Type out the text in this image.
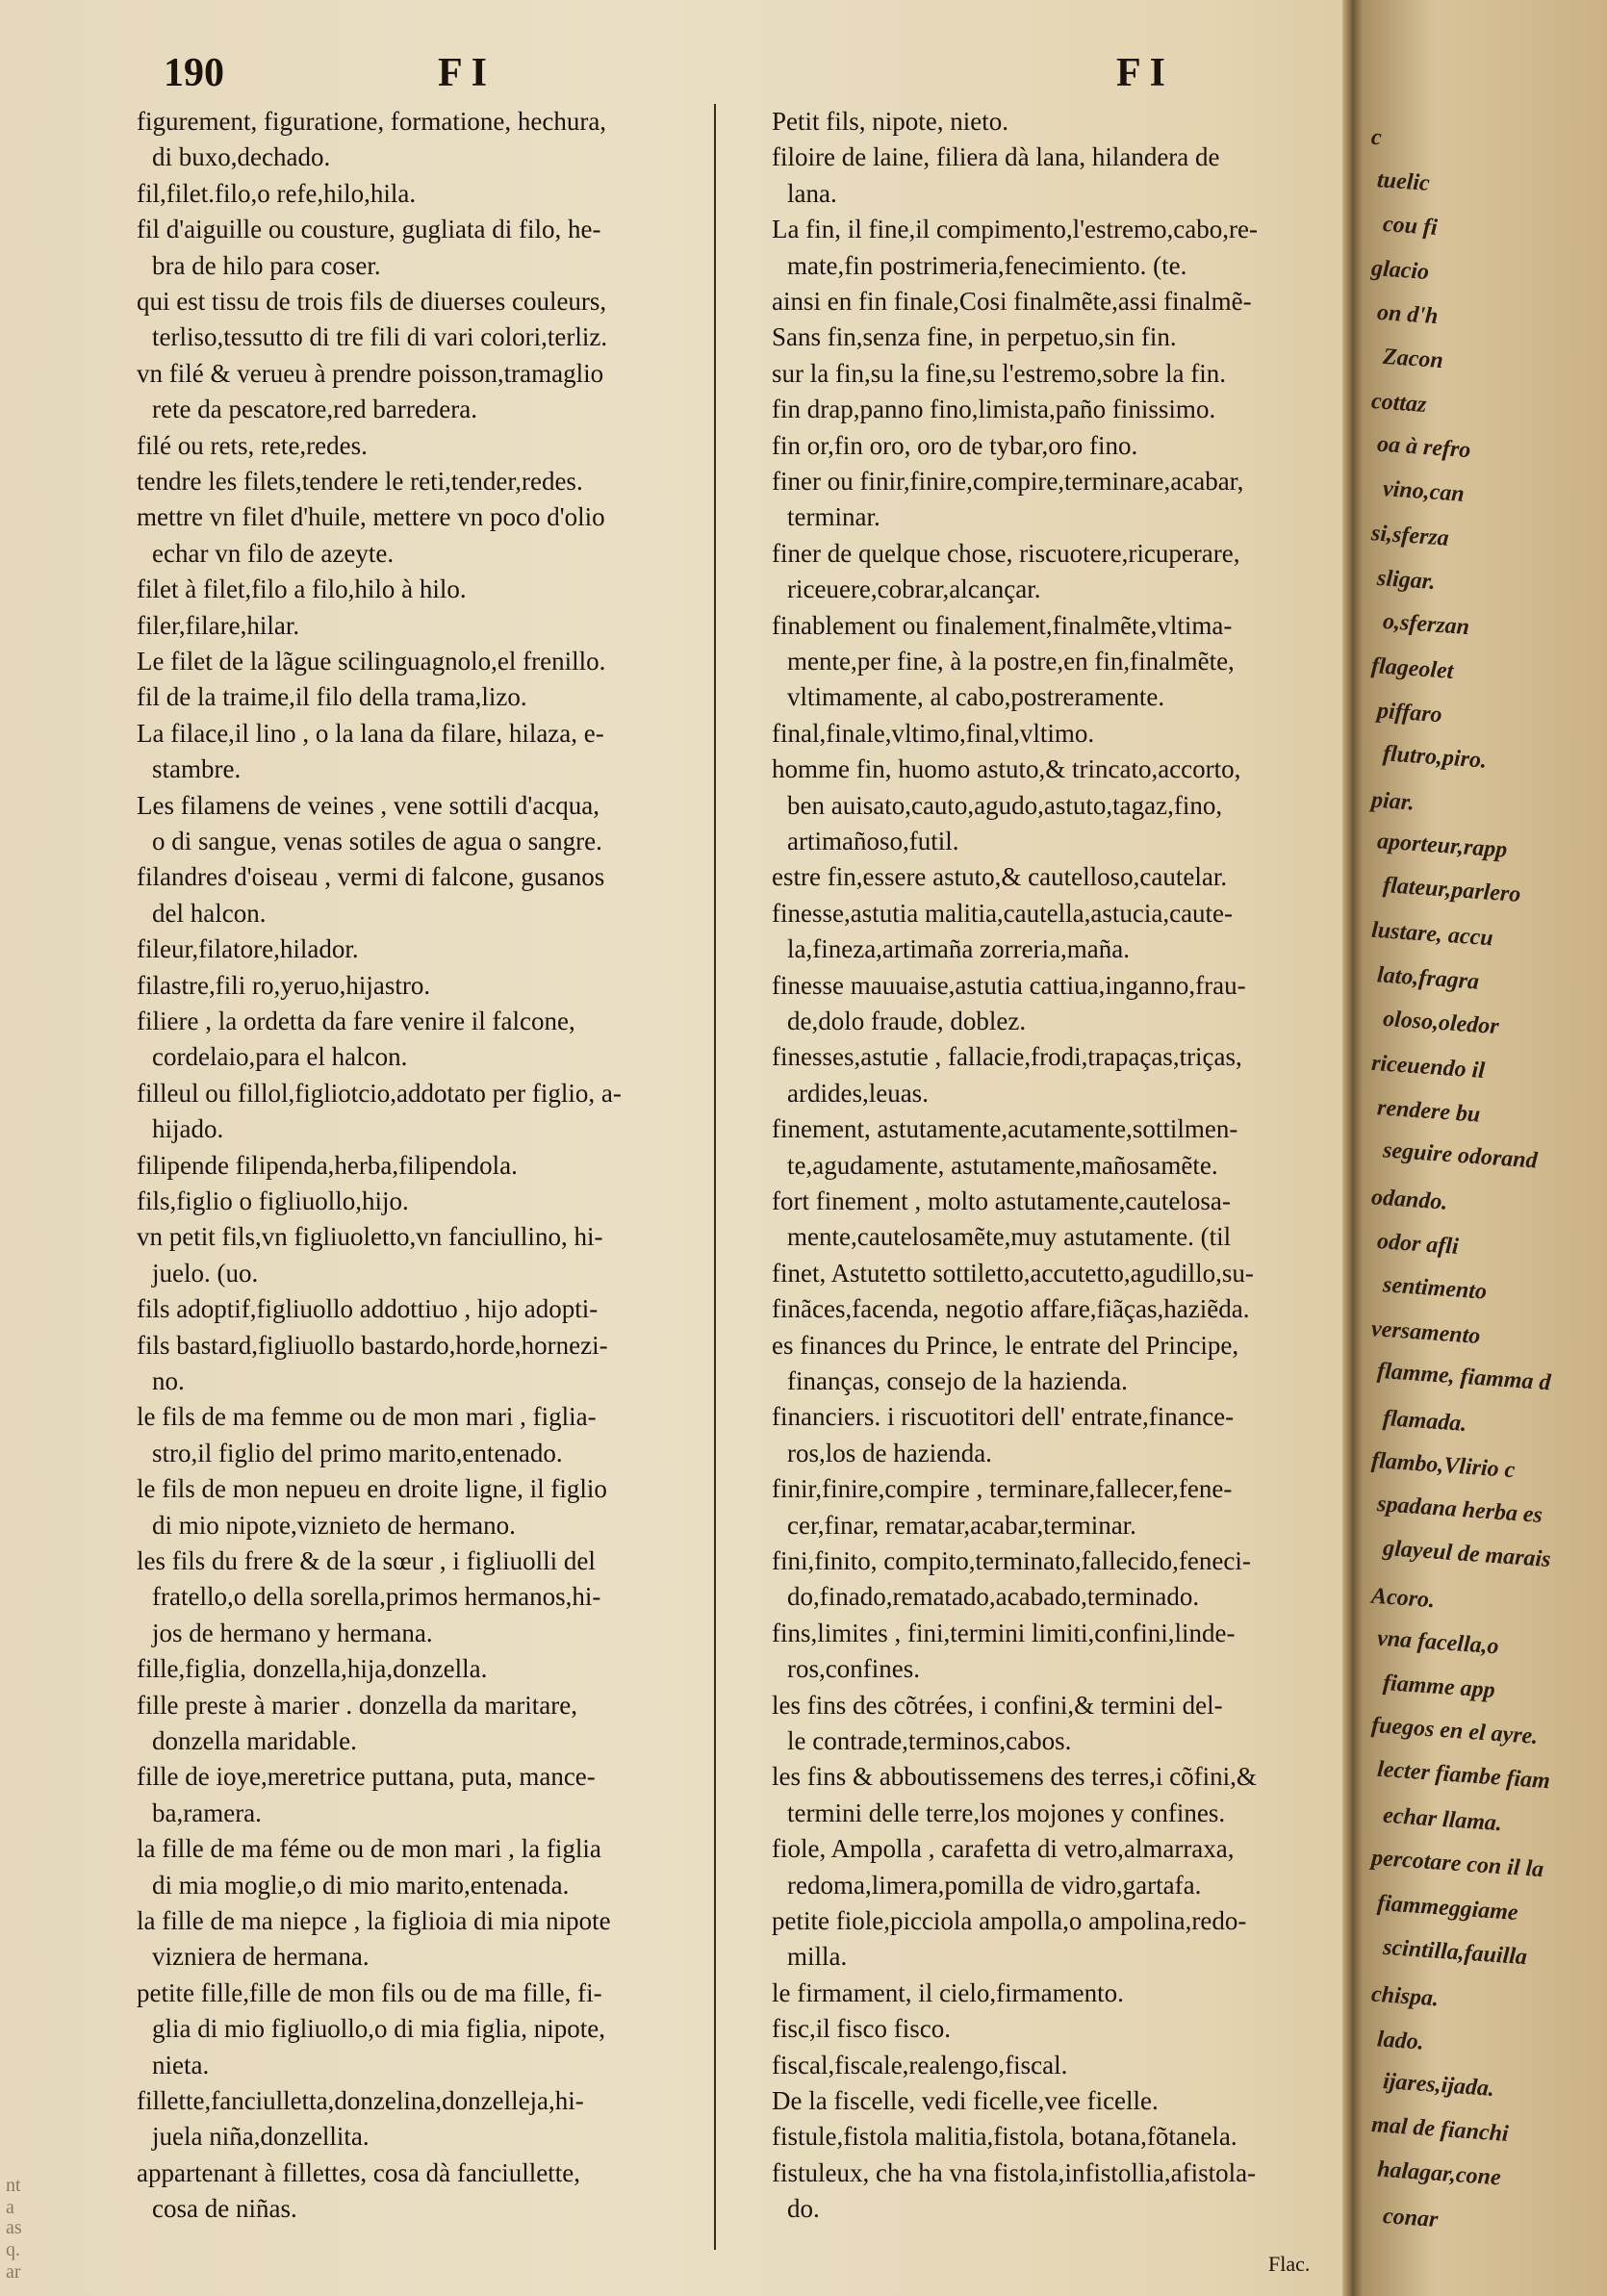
190	F I	F I
figurement, figuratione, formatione, hechura,
di buxo,dechado.
fil,filet.filo,o refe,hilo,hila.
fil d'aiguille ou cousture, gugliata di filo, he-
bra de hilo para coser.
qui est tissu de trois fils de diuerses couleurs,
terliso,tessutto di tre fili di vari colori,terliz.
vn filé & verueu à prendre poisson,tramaglio
rete da pescatore,red barredera.
filé ou rets, rete,redes.
tendre les filets,tendere le reti,tender,redes.
mettre vn filet d'huile, mettere vn poco d'olio
echar vn filo de azeyte.
filet à filet,filo a filo,hilo à hilo.
filer,filare,hilar.
Le filet de la lãgue scilinguagnolo,el frenillo.
fil de la traime,il filo della trama,lizo.
La filace,il lino , o la lana da filare, hilaza, e-
stambre.
Les filamens de veines , vene sottili d'acqua,
o di sangue, venas sotiles de agua o sangre.
filandres d'oiseau , vermi di falcone, gusanos
del halcon.
fileur,filatore,hilador.
filastre,fili ro,yeruo,hijastro.
filiere , la ordetta da fare venire il falcone,
cordelaio,para el halcon.
filleul ou fillol,figliotcio,addotato per figlio, a-
hijado.
filipende filipenda,herba,filipendola.
fils,figlio o figliuollo,hijo.
vn petit fils,vn figliuoletto,vn fanciullino, hi-
juelo. (uo.
fils adoptif,figliuollo addottiuo , hijo adopti-
fils bastard,figliuollo bastardo,horde,hornezi-
no.
le fils de ma femme ou de mon mari , figlia-
stro,il figlio del primo marito,entenado.
le fils de mon nepueu en droite ligne, il figlio
di mio nipote,viznieto de hermano.
les fils du frere & de la sœur , i figliuolli del
fratello,o della sorella,primos hermanos,hi-
jos de hermano y hermana.
fille,figlia, donzella,hija,donzella.
fille preste à marier . donzella da maritare,
donzella maridable.
fille de ioye,meretrice puttana, puta, mance-
ba,ramera.
la fille de ma féme ou de mon mari , la figlia
di mia moglie,o di mio marito,entenada.
la fille de ma niepce , la figlioia di mia nipote
vizniera de hermana.
petite fille,fille de mon fils ou de ma fille, fi-
glia di mio figliuollo,o di mia figlia, nipote,
nieta.
fillette,fanciulletta,donzelina,donzelleja,hi-
juela niña,donzellita.
appartenant à fillettes, cosa dà fanciullette,
cosa de niñas.
Petit fils, nipote, nieto.
filoire de laine, filiera dà lana, hilandera de
lana.
La fin, il fine,il compimento,l'estremo,cabo,re-
mate,fin postrimeria,fenecimiento. (te.
ainsi en fin finale,Cosi finalmẽte,assi finalmẽ-
Sans fin,senza fine, in perpetuo,sin fin.
sur la fin,su la fine,su l'estremo,sobre la fin.
fin drap,panno fino,limista,paño finissimo.
fin or,fin oro, oro de tybar,oro fino.
finer ou finir,finire,compire,terminare,acabar,
terminar.
finer de quelque chose, riscuotere,ricuperare,
riceuere,cobrar,alcançar.
finablement ou finalement,finalmẽte,vltima-
mente,per fine, à la postre,en fin,finalmẽte,
vltimamente, al cabo,postreramente.
final,finale,vltimo,final,vltimo.
homme fin, huomo astuto,& trincato,accorto,
ben auisato,cauto,agudo,astuto,tagaz,fino,
artimañoso,futil.
estre fin,essere astuto,& cautelloso,cautelar.
finesse,astutia malitia,cautella,astucia,caute-
la,fineza,artimaña zorreria,maña.
finesse mauuaise,astutia cattiua,inganno,frau-
de,dolo fraude, doblez.
finesses,astutie , fallacie,frodi,trapaças,triças,
ardides,leuas.
finement, astutamente,acutamente,sottilmen-
te,agudamente, astutamente,mañosamẽte.
fort finement , molto astutamente,cautelosa-
mente,cautelosamẽte,muy astutamente. (til
finet, Astutetto sottiletto,accutetto,agudillo,su-
finãces,facenda, negotio affare,fiãças,haziẽda.
es finances du Prince, le entrate del Principe,
finanças, consejo de la hazienda.
financiers. i riscuotitori dell' entrate,finance-
ros,los de hazienda.
finir,finire,compire , terminare,fallecer,fene-
cer,finar, rematar,acabar,terminar.
fini,finito, compito,terminato,fallecido,feneci-
do,finado,rematado,acabado,terminado.
fins,limites , fini,termini limiti,confini,linde-
ros,confines.
les fins des cõtrées, i confini,& termini del-
le contrade,terminos,cabos.
les fins & abboutissemens des terres,i cõfini,&
termini delle terre,los mojones y confines.
fiole, Ampolla , carafetta di vetro,almarraxa,
redoma,limera,pomilla de vidro,gartafa.
petite fiole,picciola ampolla,o ampolina,redo-
milla.
le firmament, il cielo,firmamento.
fisc,il fisco fisco.
fiscal,fiscale,realengo,fiscal.
De la fiscelle, vedi ficelle,vee ficelle.
fistule,fistola malitia,fistola, botana,fõtanela.
fistuleux, che ha vna fistola,infistollia,afistola-
do.
Flac.
nt a
as q. ar
c
tuelic
cou fi
glacio
on d'h
Zacon
cottaz
oa à refro
vino,can
si,sferza
sligar.
o,sferzan
flageolet
piffaro
flutro,piro.
piar.
aporteur,rapp
flateur,parlero
lustare, accu
lato,fragra
oloso,oledor
riceuendo il
rendere bu
seguire odorand
odando.
odor afli
sentimento
versamento
flamme, fiamma d
flamada.
flambo,Vlirio c
spadana herba es
glayeul de marais
Acoro.
vna facella,o
fiamme app
fuegos en el ayre.
lecter fiambe fiam
echar llama.
percotare con il la
fiammeggiame
scintilla,fauilla
chispa.
lado.
ijares,ijada.
mal de fianchi
halagar,cone
conar
